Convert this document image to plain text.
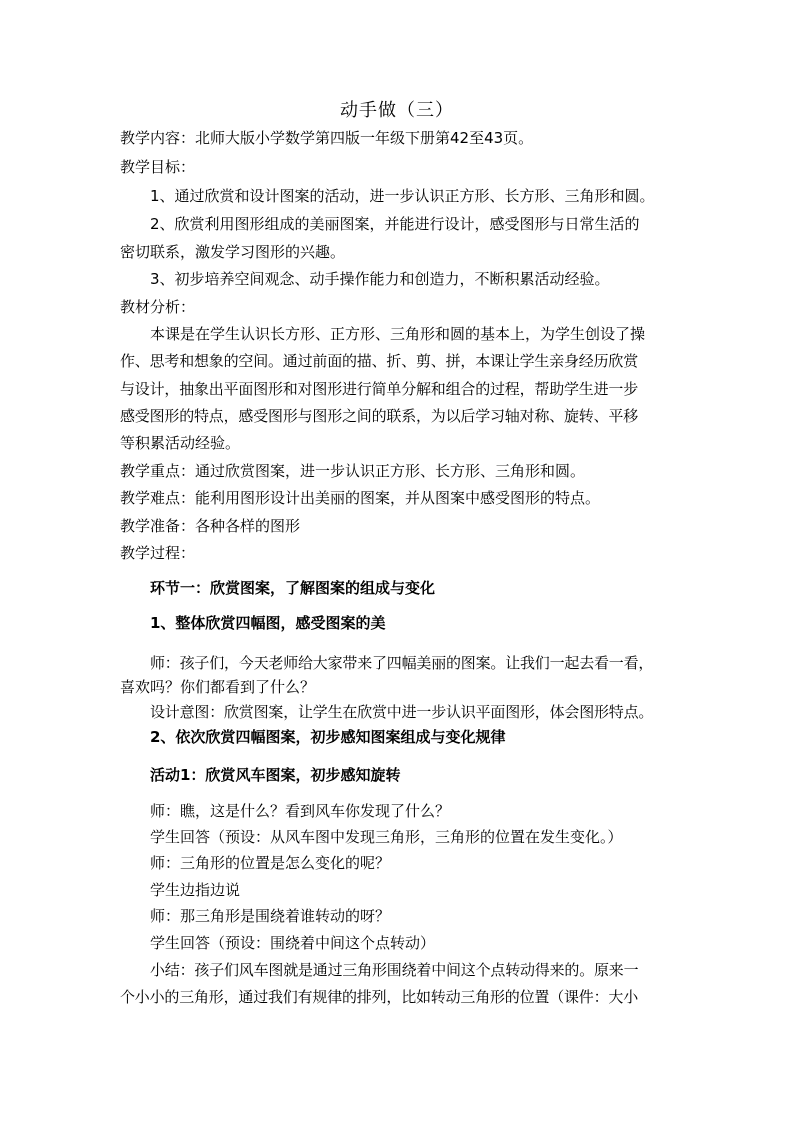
动手做（三）
教学内容：北师大版小学数学第四版一年级下册第42至43页。
教学目标：
1、通过欣赏和设计图案的活动，进一步认识正方形、长方形、三角形和圆。
2、欣赏利用图形组成的美丽图案，并能进行设计，感受图形与日常生活的
密切联系，激发学习图形的兴趣。
3、初步培养空间观念、动手操作能力和创造力，不断积累活动经验。
教材分析：
本课是在学生认识长方形、正方形、三角形和圆的基本上，为学生创设了操
作、思考和想象的空间。通过前面的描、折、剪、拼，本课让学生亲身经历欣赏
与设计，抽象出平面图形和对图形进行简单分解和组合的过程，帮助学生进一步
感受图形的特点，感受图形与图形之间的联系，为以后学习轴对称、旋转、平移
等积累活动经验。
教学重点：通过欣赏图案，进一步认识正方形、长方形、三角形和圆。
教学难点：能利用图形设计出美丽的图案，并从图案中感受图形的特点。
教学准备：各种各样的图形
教学过程：
环节一：欣赏图案，了解图案的组成与变化
1、整体欣赏四幅图，感受图案的美
师：孩子们，今天老师给大家带来了四幅美丽的图案。让我们一起去看一看，
喜欢吗？你们都看到了什么？
设计意图：欣赏图案，让学生在欣赏中进一步认识平面图形，体会图形特点。
2、依次欣赏四幅图案，初步感知图案组成与变化规律
活动1：欣赏风车图案，初步感知旋转
师：瞧，这是什么？看到风车你发现了什么？
学生回答（预设：从风车图中发现三角形，三角形的位置在发生变化。）
师：三角形的位置是怎么变化的呢？
学生边指边说
师：那三角形是围绕着谁转动的呀？
学生回答（预设：围绕着中间这个点转动）
小结：孩子们风车图就是通过三角形围绕着中间这个点转动得来的。原来一
个小小的三角形，通过我们有规律的排列，比如转动三角形的位置（课件：大小
